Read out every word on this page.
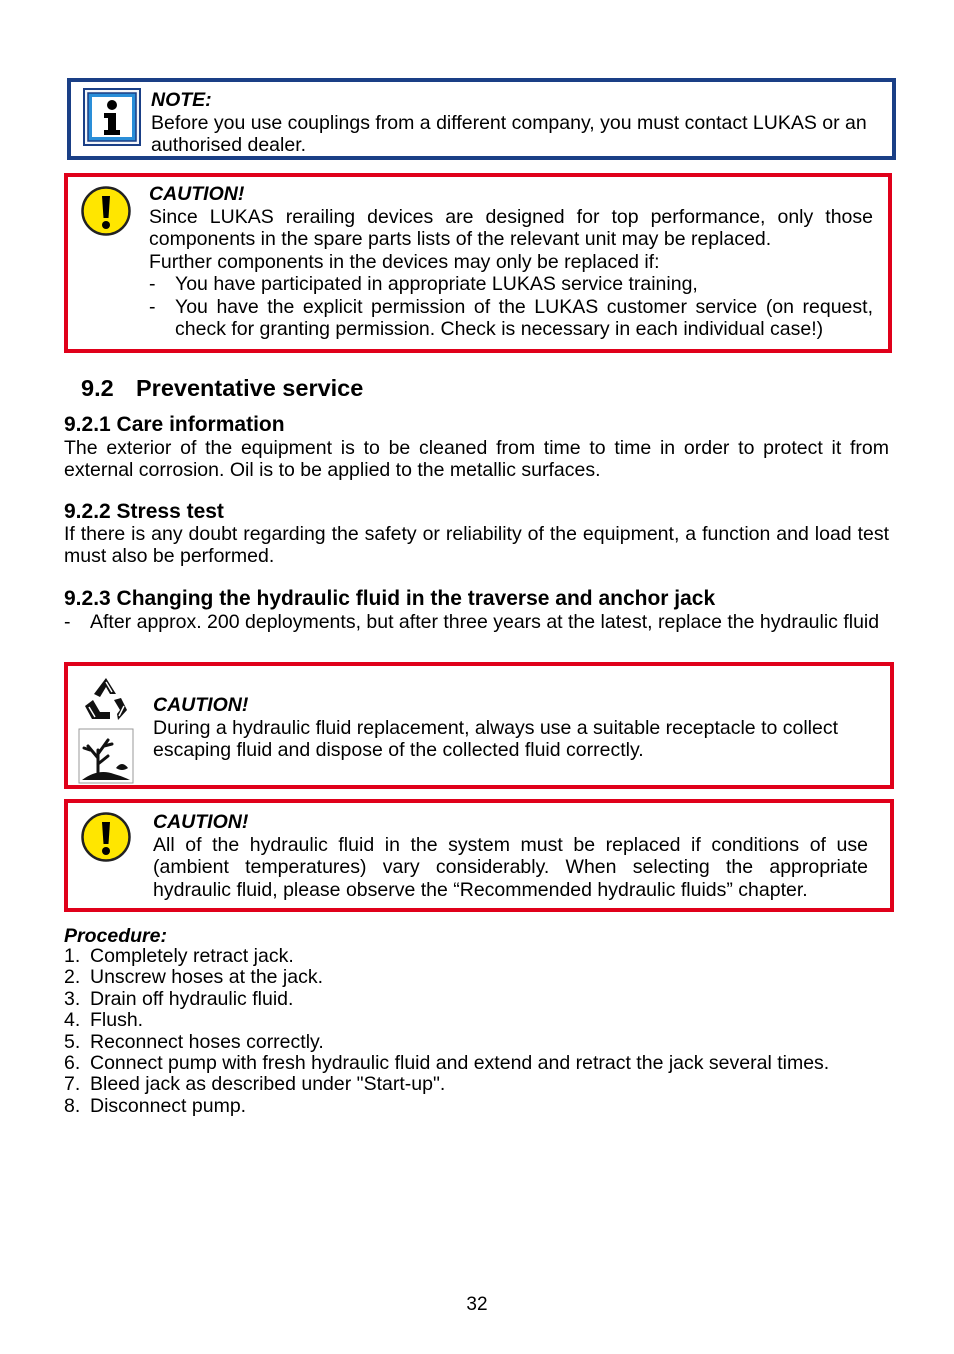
NOTE:
Before you use couplings from a different company, you must contact LUKAS or an authorised dealer.
CAUTION!
Since LUKAS rerailing devices are designed for top performance, only those components in the spare parts lists of the relevant unit may be replaced.
Further components in the devices may only be replaced if:
- You have participated in appropriate LUKAS service training,
- You have the explicit permission of the LUKAS customer service (on request, check for granting permission. Check is necessary in each individual case!)
9.2 Preventative service
9.2.1 Care information
The exterior of the equipment is to be cleaned from time to time in order to protect it from external corrosion. Oil is to be applied to the metallic surfaces.
9.2.2 Stress test
If there is any doubt regarding the safety or reliability of the equipment, a function and load test must also be performed.
9.2.3 Changing the hydraulic fluid in the traverse and anchor jack
- After approx. 200 deployments, but after three years at the latest, replace the hydraulic fluid
CAUTION!
During a hydraulic fluid replacement, always use a suitable receptacle to collect escaping fluid and dispose of the collected fluid correctly.
CAUTION!
All of the hydraulic fluid in the system must be replaced if conditions of use (ambient temperatures) vary considerably. When selecting the appropriate hydraulic fluid, please observe the “Recommended hydraulic fluids” chapter.
Procedure:
1. Completely retract jack.
2. Unscrew hoses at the jack.
3. Drain off hydraulic fluid.
4. Flush.
5. Reconnect hoses correctly.
6. Connect pump with fresh hydraulic fluid and extend and retract the jack several times.
7. Bleed jack as described under "Start-up".
8. Disconnect pump.
32
